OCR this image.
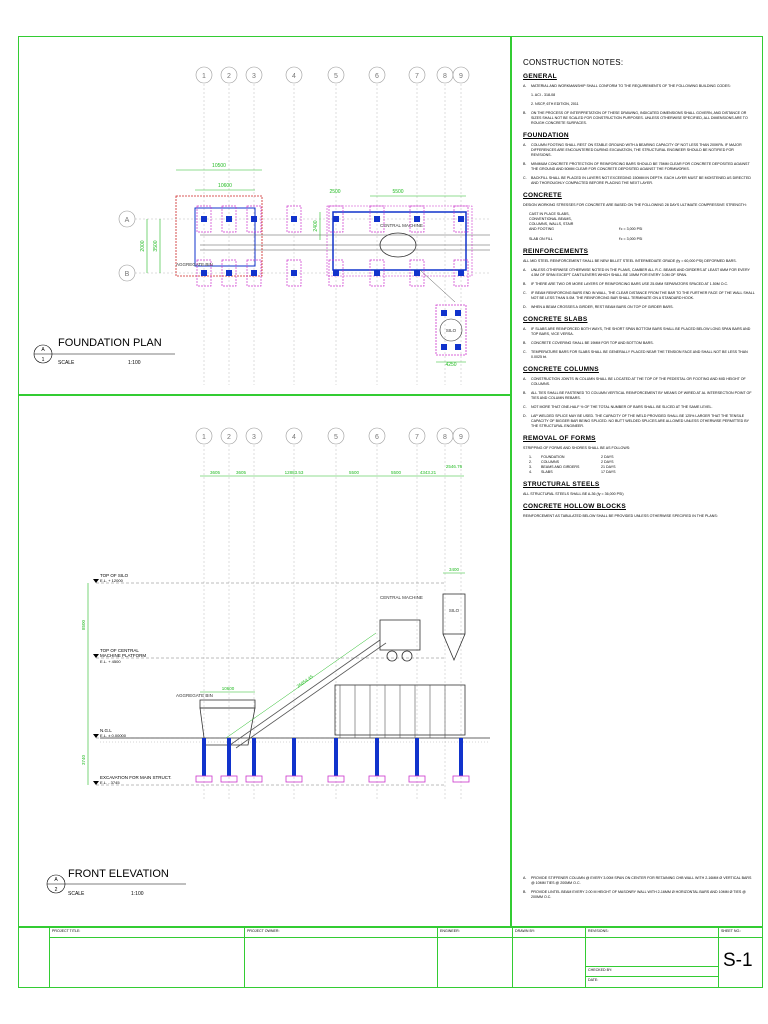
1	2	3	4	5	6	7	8 9
A
B
AGGREGATE BIN
CENTRAL MACHINE
SILO
10500
10600
5500
2500
4250
3500
2400
2000
A
1
FOUNDATION PLAN
SCALE	1:100
1	2	3	4	5	6	7	8 9
TOP OF SILO
E.L. + 12000
TOP OF CENTRAL
MACHINE PLATFORM
E.L. + 4500
N.G.L
E.L. ± 0.00000
EXCAVATION FOR MAIN STRUCT.
E.L. - 3745
AGGREGATE BIN
26854.45
CENTRAL MACHINE
SILO
3605	3605	12883.53	5500	5500	4343.21
2546.76
3400
10600
8500
3740
A
2
FRONT ELEVATION
SCALE	1:100
CONSTRUCTION NOTES:
GENERAL
A.	MATERIAL AND WORKMANSHIP SHALL CONFORM TO THE REQUIREMENTS OF THE FOLLOWING BUILDING CODES:
1. ACI - 318-08
2. NSCP, 6TH EDITION, 2011
B.	ON THE PROCESS OF INTERPRETATION OF THESE DRAWING, INDICATED DIMENSIONS SHALL GOVERN, AND DISTANCE OR SIZES SHALL NOT BE SCALED FOR CONSTRUCTION PURPOSES. UNLESS OTHERWISE SPECIFIED, ALL DIMENSIONS ARE TO ROUGH CONCRETE SURFACES.
FOUNDATION
A.	COLUMN FOOTING SHALL REST ON STABLE GROUND WITH A BEARING CAPACITY OF NOT LESS THAN 200KPA. IF MAJOR DIFFERENCES ARE ENCOUNTERED DURING EXCAVATION, THE STRUCTURAL ENGINEER SHOULD BE NOTIFIED FOR REVISIONS.
B.	MINIMUM CONCRETE PROTECTION OF REINFORCING BARS SHOULD BE 75MM CLEAR FOR CONCRETE DEPOSITED AGAINST THE GROUND AND 50MM CLEAR FOR CONCRETE DEPOSITED AGAINST THE FORMWORKS.
C.	BACKFILL SHALL BE PLACED IN LAYERS NOT EXCEEDING 150MM IN DEPTH. EACH LAYER MUST BE MOISTENED AS DIRECTED AND THOROUGHLY COMPACTED BEFORE PLACING THE NEXT LAYER.
CONCRETE
DESIGN WORKING STRESSES FOR CONCRETE ARE BASED ON THE FOLLOWING 28 DAYS ULTIMATE COMPRESSIVE STRENGTH:
CAST IN PLACE SLABS,
CONVENTIONAL BEAMS,
COLUMNS, WALLS, STAIR
AND FOOTING	f'c = 3,000 PSI

SLAB ON FILL	f'c = 3,000 PSI
REINFORCEMENTS
ALL MID STEEL REINFORCEMENT SHALL BE NEW BILLET STEEL INTERMEDIATE GRADE (fy = 60,000 PSI) DEFORMED BARS.
A.	UNLESS OTHERWISE OTHERWISE NOTED IN THE PLANS, CAMBER ALL R.C. BEAMS AND GIRDERS AT LEAST 6MM FOR EVERY 4.5M OF SPAN EXCEPT CANTILEVERS WHICH SHALL BE 10MM FOR EVERY 3.0M OF SPAN.
B.	IF THERE ARE TWO OR MORE LAYERS OF REINFORCING BARS USE 25.0MM SEPARATORS SPACED AT 1.50M O.C.
C.	IF BEAM REINFORCING BARS END IN WALL, THE CLEAR DISTANCE FROM THE BAR TO THE FURTHER FACE OF THE WALL SHALL NOT BE LESS THAN 5.0M. THE REINFORCING BAR SHALL TERMINATE ON A STANDARD HOOK.
D.	WHEN A BEAM CROSSES A GIRDER, REST BEAM BARS ON TOP OF GIRDER BARS.
CONCRETE SLABS
A.	IF SLABS ARE REINFORCED BOTH WAYS, THE SHORT SPAN BOTTOM BARS SHALL BE PLACED BELOW LONG SPAN BARS AND TOP BARS, VICE VERSA.
B.	CONCRETE COVERING SHALL BE 19MM FOR TOP AND BOTTOM BARS.
C.	TEMPERATURE BARS FOR SLABS SHALL BE GENERALLY PLACED NEAR THE TENSION FACE AND SHALL NOT BE LESS THAN 0.0025 bt.
CONCRETE COLUMNS
A.	CONSTRUCTION JOINTS IN COLUMN SHALL BE LOCATED AT THE TOP OF THE PEDESTAL OR FOOTING AND MID HEIGHT OF COLUMNS.
B.	ALL TIES SHALL BE FASTENED TO COLUMN VERTICAL REINFORCEMENT BY MEANS OF WIRED AT AL INTERSECTION POINT OF TIES AND COLUMN REBARS.
C.	NOT MORE THAT ONE-HALF ½ OF THE TOTAL NUMBER OF BARS SHALL BE SLICED AT THE SAME LEVEL.
D.	LAP WELDED SPLICE MAY BE USED. THE CAPACITY OF THE WELD PROVIDED SHALL BE 125% LARGER THAT THE TENSILE CAPACITY OF BIGGER BAR BEING SPLICED. NO BUTT WELDED SPLICES ARE ALLOWED UNLESS OTHERWISE PERMITTED BY THE STRUCTURAL ENGINEER.
REMOVAL OF FORMS
STRIPPING OF FORMS AND SHORES SHALL BE AS FOLLOWS:
1.	FOUNDATION	2 DAYS
2.	COLUMNS	2 DAYS
3.	BEAMS AND GIRDERS	21 DAYS
4.	SLABS	17 DAYS
STRUCTURAL STEELS
ALL STRUCTURAL STEELS SHALL BE A-36 (fy = 36,000 PSI)
CONCRETE HOLLOW BLOCKS
REINFORCEMENT AS TABULATED BELOW SHALL BE PROVIDED UNLESS OTHERWISE SPECIFIED IN THE PLANS:
A.	PROVIDE STIFFENER COLUMN @ EVERY 3.00M SPAN ON CENTER FOR RETAINING CHB WALL WITH 2-16MM Ø VERTICAL BARS @ 10MM TIES @ 200MM O.C.
B.	PROVIDE LINTEL BEAM EVERY 2.00 M HEIGHT OF MASONRY WALL WITH 2-16MM Ø HORIZONTAL BARS AND 10MM Ø TIES @ 200MM O.C.
PROJECT TITLE:	PROJECT OWNER:	ENGINEER:	DRAWN BY:	REVISIONS:	SHEET NO.:
CHECKED BY:
DATE:
S-1
